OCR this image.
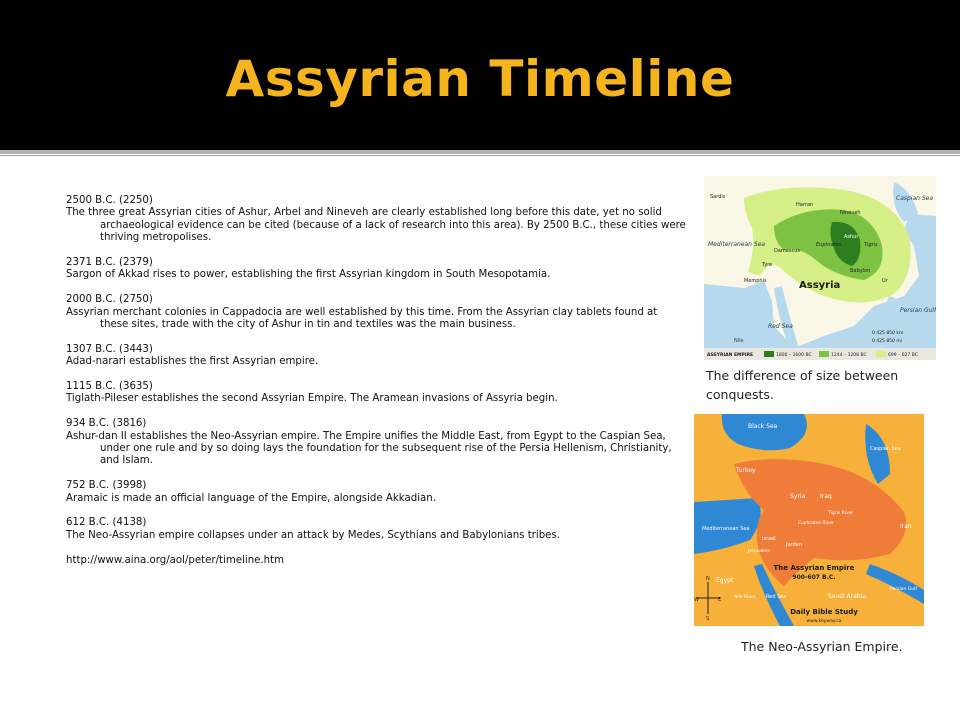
Assyrian Timeline
2500 B.C. (2250)
The three great Assyrian cities of Ashur, Arbel and Nineveh are clearly established long before this date, yet no solid archaeological evidence can be cited (because of a lack of research into this area). By 2500 B.C., these cities were thriving metropolises.
2371 B.C. (2379)
Sargon of Akkad rises to power, establishing the first Assyrian kingdom in South Mesopotamia.
2000 B.C. (2750)
Assyrian merchant colonies in Cappadocia are well established by this time. From the Assyrian clay tablets found at these sites, trade with the city of Ashur in tin and textiles was the main business.
1307 B.C. (3443)
Adad-narari establishes the first Assyrian empire.
1115 B.C. (3635)
Tiglath-Pileser establishes the second Assyrian Empire. The Aramean invasions of Assyria begin.
934 B.C. (3816)
Ashur-dan II establishes the Neo-Assyrian empire. The Empire unifies the Middle East, from Egypt to the Caspian Sea, under one rule and by so doing lays the foundation for the subsequent rise of the Persia Hellenism, Christianity, and Islam.
752 B.C. (3998)
Aramaic is made an official language of the Empire, alongside Akkadian.
612 B.C. (4138)
The Neo-Assyrian empire collapses under an attack by Medes, Scythians and Babylonians tribes.
http://www.aina.org/aol/peter/timeline.htm
Assyria
Mediterranean Sea
Caspian Sea
Persian Gulf
Red Sea
Nile
Sardis
Harran
Nineveh
Ashur
Babylon
Ur
Damascus
Tyre
Memphis
Tigris
Euphrates
0 425 850 km
0 425 850 mi
ASSYRIAN EMPIRE	1800 – 1600 BC	1244 – 1208 BC	699 – 627 BC
The difference of size between conquests.
Black Sea
Caspian Sea
Mediterranean Sea
Turkey
Syria Iraq
Iran
Israel
Jordan
Jerusalem
Egypt
Nile River Red Sea	Saudi Arabia
Persian Gulf
Tigris River
Euphrates River
The Assyrian Empire
900-607 B.C.
Daily Bible Study
www.keyway.ca
N
S
W	E
The Neo-Assyrian Empire.
